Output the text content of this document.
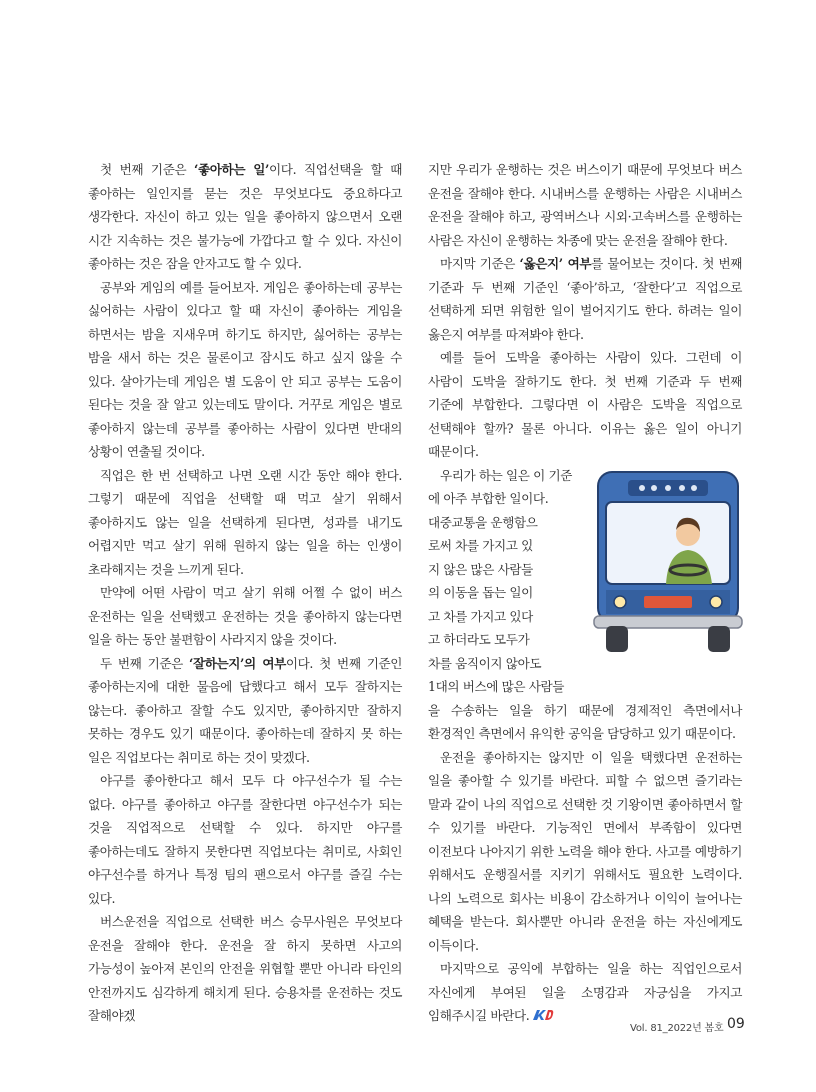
첫 번째 기준은 ‘좋아하는 일’이다. 직업선택을 할 때 좋아하는 일인지를 묻는 것은 무엇보다도 중요하다고 생각한다. 자신이 하고 있는 일을 좋아하지 않으면서 오랜 시간 지속하는 것은 불가능에 가깝다고 할 수 있다. 자신이 좋아하는 것은 잠을 안자고도 할 수 있다.

공부와 게임의 예를 들어보자. 게임은 좋아하는데 공부는 싫어하는 사람이 있다고 할 때 자신이 좋아하는 게임을 하면서는 밤을 지새우며 하기도 하지만, 싫어하는 공부는 밤을 새서 하는 것은 물론이고 잠시도 하고 싶지 않을 수 있다. 살아가는데 게임은 별 도움이 안 되고 공부는 도움이 된다는 것을 잘 알고 있는데도 말이다. 거꾸로 게임은 별로 좋아하지 않는데 공부를 좋아하는 사람이 있다면 반대의 상황이 연출될 것이다.

직업은 한 번 선택하고 나면 오랜 시간 동안 해야 한다. 그렇기 때문에 직업을 선택할 때 먹고 살기 위해서 좋아하지도 않는 일을 선택하게 된다면, 성과를 내기도 어렵지만 먹고 살기 위해 원하지 않는 일을 하는 인생이 초라해지는 것을 느끼게 된다.

만약에 어떤 사람이 먹고 살기 위해 어쩔 수 없이 버스 운전하는 일을 선택했고 운전하는 것을 좋아하지 않는다면 일을 하는 동안 불편함이 사라지지 않을 것이다.

두 번째 기준은 ‘잘하는지’의 여부이다. 첫 번째 기준인 좋아하는지에 대한 물음에 답했다고 해서 모두 잘하지는 않는다. 좋아하고 잘할 수도 있지만, 좋아하지만 잘하지 못하는 경우도 있기 때문이다. 좋아하는데 잘하지 못 하는 일은 직업보다는 취미로 하는 것이 맞겠다.

야구를 좋아한다고 해서 모두 다 야구선수가 될 수는 없다. 야구를 좋아하고 야구를 잘한다면 야구선수가 되는 것을 직업적으로 선택할 수 있다. 하지만 야구를 좋아하는데도 잘하지 못한다면 직업보다는 취미로, 사회인 야구선수를 하거나 특정 팀의 팬으로서 야구를 즐길 수는 있다.

버스운전을 직업으로 선택한 버스 승무사원은 무엇보다 운전을 잘해야 한다. 운전을 잘 하지 못하면 사고의 가능성이 높아져 본인의 안전을 위협할 뿐만 아니라 타인의 안전까지도 심각하게 해치게 된다. 승용차를 운전하는 것도 잘해야겠

지만 우리가 운행하는 것은 버스이기 때문에 무엇보다 버스 운전을 잘해야 한다. 시내버스를 운행하는 사람은 시내버스 운전을 잘해야 하고, 광역버스나 시외·고속버스를 운행하는 사람은 자신이 운행하는 차종에 맞는 운전을 잘해야 한다.

마지막 기준은 ‘옳은지’ 여부를 물어보는 것이다. 첫 번째 기준과 두 번째 기준인 ‘좋아’하고, ‘잘한다’고 직업으로 선택하게 되면 위험한 일이 벌어지기도 한다. 하려는 일이 옳은지 여부를 따져봐야 한다.

예를 들어 도박을 좋아하는 사람이 있다. 그런데 이 사람이 도박을 잘하기도 한다. 첫 번째 기준과 두 번째 기준에 부합한다. 그렇다면 이 사람은 도박을 직업으로 선택해야 할까? 물론 아니다. 이유는 옳은 일이 아니기 때문이다.

우리가 하는 일은 이 기준
에 아주 부합한 일이다.
대중교통을 운행함으
로써 차를 가지고 있
지 않은 많은 사람들
의 이동을 돕는 일이
고 차를 가지고 있다
고 하더라도 모두가
차를 움직이지 않아도
1대의 버스에 많은 사람들

을 수송하는 일을 하기 때문에 경제적인 측면에서나 환경적인 측면에서 유익한 공익을 담당하고 있기 때문이다.

운전을 좋아하지는 않지만 이 일을 택했다면 운전하는 일을 좋아할 수 있기를 바란다. 피할 수 없으면 즐기라는 말과 같이 나의 직업으로 선택한 것 기왕이면 좋아하면서 할 수 있기를 바란다. 기능적인 면에서 부족함이 있다면 이전보다 나아지기 위한 노력을 해야 한다. 사고를 예방하기 위해서도 운행질서를 지키기 위해서도 필요한 노력이다. 나의 노력으로 회사는 비용이 감소하거나 이익이 늘어나는 혜택을 받는다. 회사뿐만 아니라 운전을 하는 자신에게도 이득이다.

마지막으로 공익에 부합하는 일을 하는 직업인으로서 자신에게 부여된 일을 소명감과 자긍심을 가지고 임해주시길 바란다.

Vol. 81_2022년 봄호 09
